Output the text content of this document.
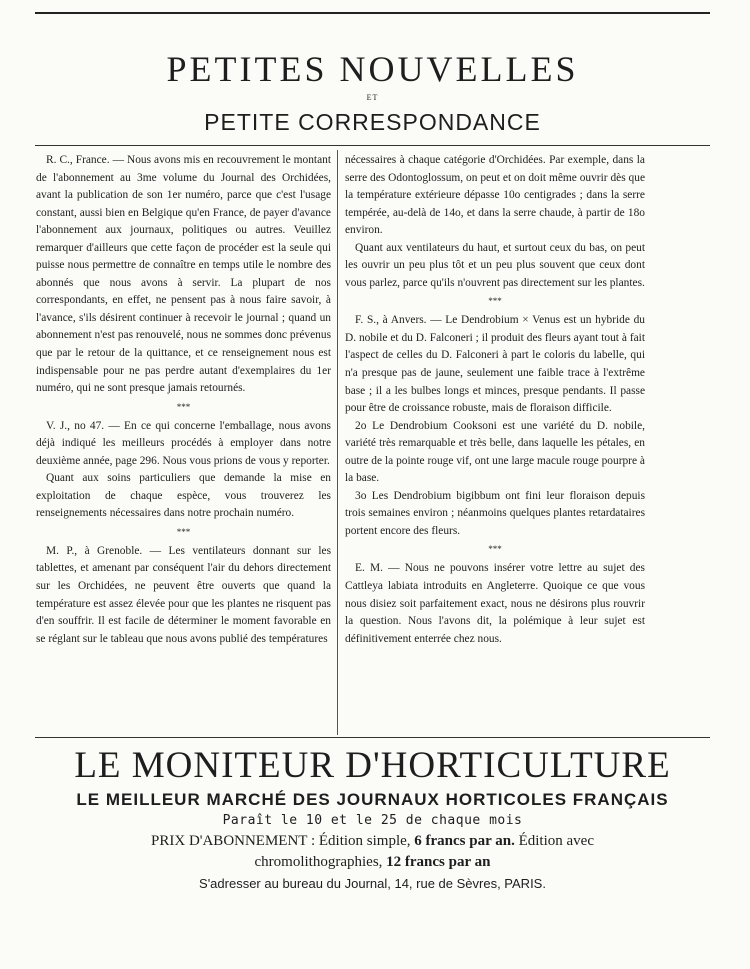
PETITES NOUVELLES
ET
PETITE CORRESPONDANCE

R. C., France. — Nous avons mis en recouvrement le montant de l'abonnement au 3me volume du Journal des Orchidées, avant la publication de son 1er numéro, parce que c'est l'usage constant, aussi bien en Belgique qu'en France, de payer d'avance l'abonnement aux journaux, politiques ou autres. Veuillez remarquer d'ailleurs que cette façon de procéder est la seule qui puisse nous permettre de connaître en temps utile le nombre des abonnés que nous avons à servir. La plupart de nos correspondants, en effet, ne pensent pas à nous faire savoir, à l'avance, s'ils désirent continuer à recevoir le journal ; quand un abonnement n'est pas renouvelé, nous ne sommes donc prévenus que par le retour de la quittance, et ce renseignement nous est indispensable pour ne pas perdre autant d'exemplaires du 1er numéro, qui ne sont presque jamais retournés.

***

V. J., no 47. — En ce qui concerne l'emballage, nous avons déjà indiqué les meilleurs procédés à employer dans notre deuxième année, page 296. Nous vous prions de vous y reporter.

Quant aux soins particuliers que demande la mise en exploitation de chaque espèce, vous trouverez les renseignements nécessaires dans notre prochain numéro.

***

M. P., à Grenoble. — Les ventilateurs donnant sur les tablettes, et amenant par conséquent l'air du dehors directement sur les Orchidées, ne peuvent être ouverts que quand la température est assez élevée pour que les plantes ne risquent pas d'en souffrir. Il est facile de déterminer le moment favorable en se réglant sur le tableau que nous avons publié des températures

nécessaires à chaque catégorie d'Orchidées. Par exemple, dans la serre des Odontoglossum, on peut et on doit même ouvrir dès que la température extérieure dépasse 10o centigrades ; dans la serre tempérée, au-delà de 14o, et dans la serre chaude, à partir de 18o environ.

Quant aux ventilateurs du haut, et surtout ceux du bas, on peut les ouvrir un peu plus tôt et un peu plus souvent que ceux dont vous parlez, parce qu'ils n'ouvrent pas directement sur les plantes.

***

F. S., à Anvers. — Le Dendrobium × Venus est un hybride du D. nobile et du D. Falconeri ; il produit des fleurs ayant tout à fait l'aspect de celles du D. Falconeri à part le coloris du labelle, qui n'a presque pas de jaune, seulement une faible trace à l'extrême base ; il a les bulbes longs et minces, presque pendants. Il passe pour être de croissance robuste, mais de floraison difficile.

2o Le Dendrobium Cooksoni est une variété du D. nobile, variété très remarquable et très belle, dans laquelle les pétales, en outre de la pointe rouge vif, ont une large macule rouge pourpre à la base.

3o Les Dendrobium bigibbum ont fini leur floraison depuis trois semaines environ ; néanmoins quelques plantes retardataires portent encore des fleurs.

***

E. M. — Nous ne pouvons insérer votre lettre au sujet des Cattleya labiata introduits en Angleterre. Quoique ce que vous nous disiez soit parfaitement exact, nous ne désirons plus rouvrir la question. Nous l'avons dit, la polémique à leur sujet est définitivement enterrée chez nous.

LE MONITEUR D'HORTICULTURE
LE MEILLEUR MARCHÉ DES JOURNAUX HORTICOLES FRANÇAIS
Paraît le 10 et le 25 de chaque mois
PRIX D'ABONNEMENT : Édition simple, 6 francs par an. Édition avec
chromolithographies, 12 francs par an
S'adresser au bureau du Journal, 14, rue de Sèvres, PARIS.
